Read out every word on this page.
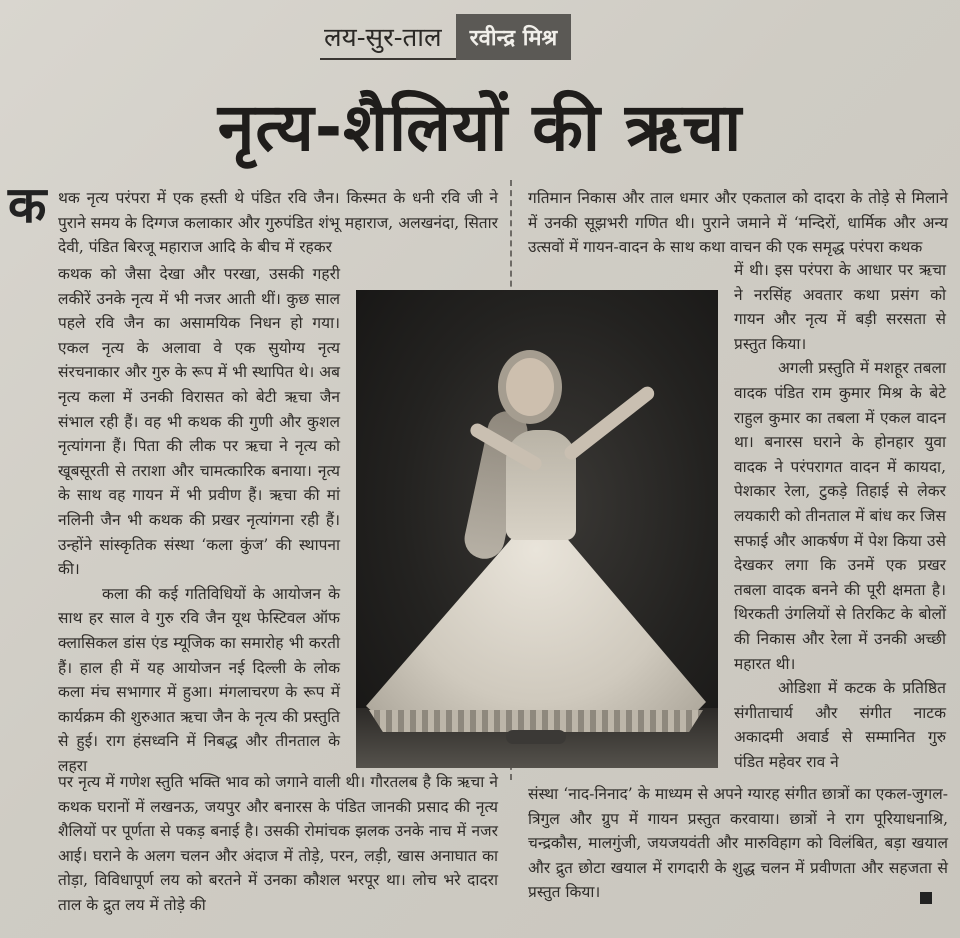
लय-सुर-ताल	रवीन्द्र मिश्र
नृत्य-शैलियों की ऋचा
क थक नृत्य परंपरा में एक हस्ती थे पंडित रवि जैन। किस्मत के धनी रवि जी ने पुराने समय के दिग्गज कलाकार और गुरुपंडित शंभू महाराज, अलखनंदा, सितार देवी, पंडित बिरजू महाराज आदि के बीच में रहकर

कथक को जैसा देखा और परखा, उसकी गहरी लकीरें उनके नृत्य में भी नजर आती थीं। कुछ साल पहले रवि जैन का असामयिक निधन हो गया। एकल नृत्य के अलावा वे एक सुयोग्य नृत्य संरचनाकार और गुरु के रूप में भी स्थापित थे। अब नृत्य कला में उनकी विरासत को बेटी ऋचा जैन संभाल रही हैं। वह भी कथक की गुणी और कुशल नृत्यांगना हैं। पिता की लीक पर ऋचा ने नृत्य को खूबसूरती से तराशा और चामत्कारिक बनाया। नृत्य के साथ वह गायन में भी प्रवीण हैं। ऋचा की मां नलिनी जैन भी कथक की प्रखर नृत्यांगना रही हैं। उन्होंने सांस्कृतिक संस्था ‘कला कुंज’ की स्थापना की।

कला की कई गतिविधियों के आयोजन के साथ हर साल वे गुरु रवि जैन यूथ फेस्टिवल ऑफ क्लासिकल डांस एंड म्यूजिक का समारोह भी करती हैं। हाल ही में यह आयोजन नई दिल्ली के लोक कला मंच सभागार में हुआ। मंगलाचरण के रूप में कार्यक्रम की शुरुआत ऋचा जैन के नृत्य की प्रस्तुति से हुई। राग हंसध्वनि में निबद्ध और तीनताल के लहरा

पर नृत्य में गणेश स्तुति भक्ति भाव को जगाने वाली थी। गौरतलब है कि ऋचा ने कथक घरानों में लखनऊ, जयपुर और बनारस के पंडित जानकी प्रसाद की नृत्य शैलियों पर पूर्णता से पकड़ बनाई है। उसकी रोमांचक झलक उनके नाच में नजर आई। घराने के अलग चलन और अंदाज में तोड़े, परन, लड़ी, खास अनाघात का तोड़ा, विविधापूर्ण लय को बरतने में उनका कौशल भरपूर था। लोच भरे दादरा ताल के द्रुत लय में तोड़े की

गतिमान निकास और ताल धमार और एकताल को दादरा के तोड़े से मिलाने में उनकी सूझभरी गणित थी। पुराने जमाने में ‘मन्दिरों, धार्मिक और अन्य उत्सवों में गायन-वादन के साथ कथा वाचन की एक समृद्ध परंपरा कथक

में थी। इस परंपरा के आधार पर ऋचा ने नरसिंह अवतार कथा प्रसंग को गायन और नृत्य में बड़ी सरसता से प्रस्तुत किया।

अगली प्रस्तुति में मशहूर तबला वादक पंडित राम कुमार मिश्र के बेटे राहुल कुमार का तबला में एकल वादन था। बनारस घराने के होनहार युवा वादक ने परंपरागत वादन में कायदा, पेशकार रेला, टुकड़े तिहाई से लेकर लयकारी को तीनताल में बांध कर जिस सफाई और आकर्षण में पेश किया उसे देखकर लगा कि उनमें एक प्रखर तबला वादक बनने की पूरी क्षमता है। थिरकती उंगलियों से तिरकिट के बोलों की निकास और रेला में उनकी अच्छी महारत थी।

ओडिशा में कटक के प्रतिष्ठित संगीताचार्य और संगीत नाटक अकादमी अवार्ड से सम्मानित गुरु पंडित महेवर राव ने

संस्था ‘नाद-निनाद’ के माध्यम से अपने ग्यारह संगीत छात्रों का एकल-जुगल-त्रिगुल और ग्रुप में गायन प्रस्तुत करवाया। छात्रों ने राग पूरियाधनाश्रि, चन्द्रकौस, मालगुंजी, जयजयवंती और मारुविहाग को विलंबित, बड़ा खयाल और द्रुत छोटा खयाल में रागदारी के शुद्ध चलन में प्रवीणता और सहजता से प्रस्तुत किया।
